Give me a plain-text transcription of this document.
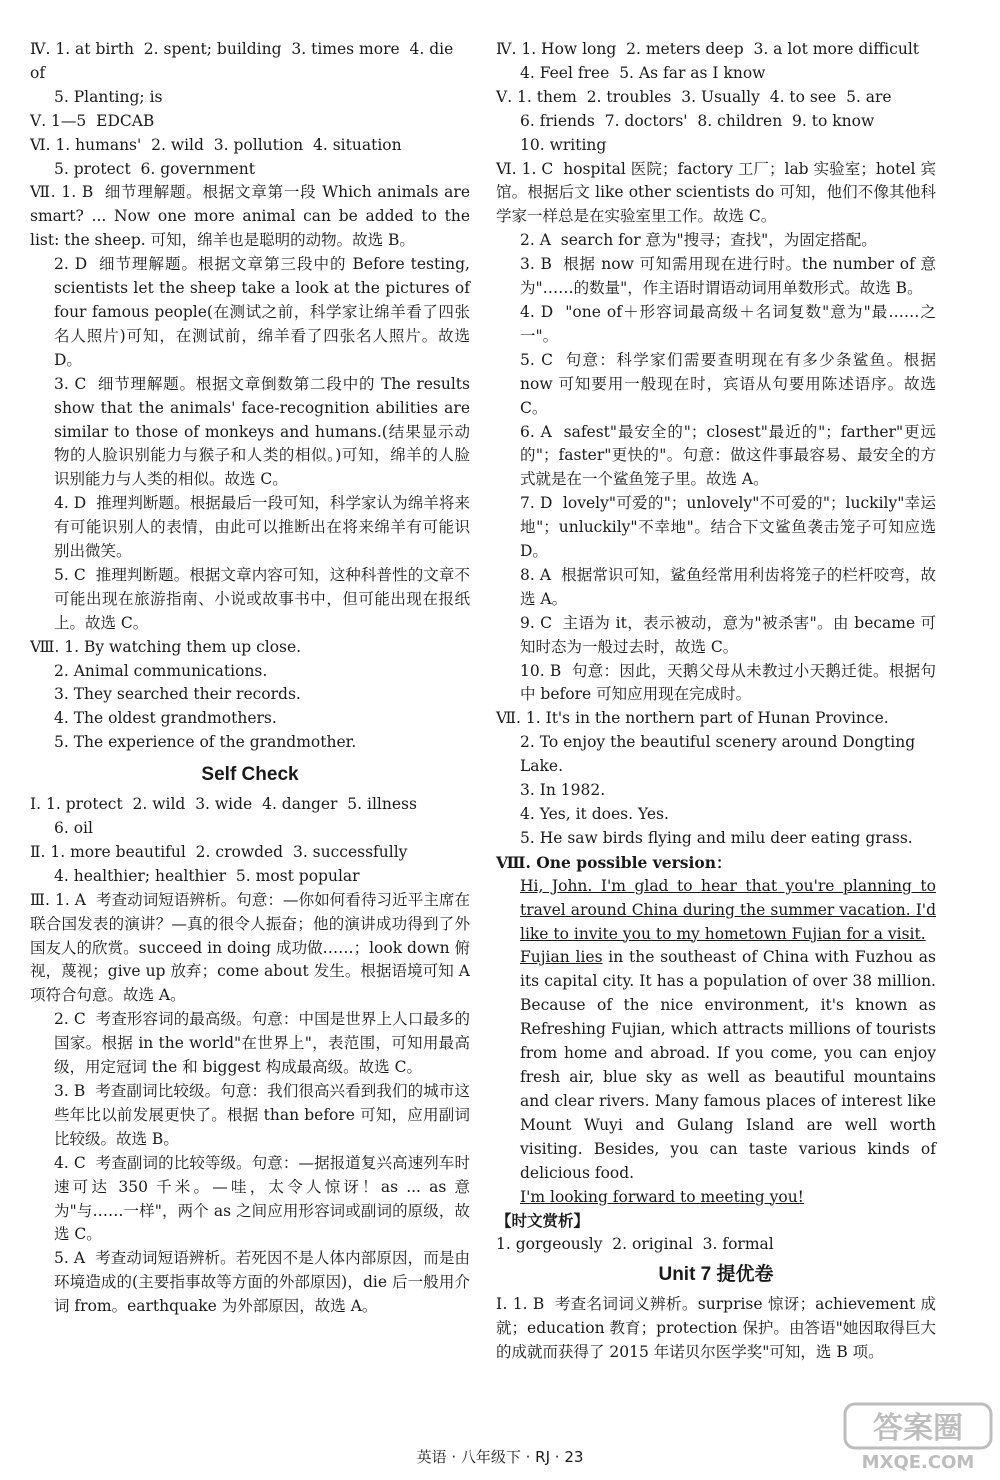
Ⅳ. 1. at birth  2. spent; building  3. times more  4. die of
5. Planting; is
Ⅴ. 1—5  EDCAB
Ⅵ. 1. humans'  2. wild  3. pollution  4. situation
5. protect  6. government
Ⅶ. 1. B  细节理解题。根据文章第一段 Which animals are smart? ... Now one more animal can be added to the list: the sheep. 可知，绵羊也是聪明的动物。故选 B。
2. D  细节理解题。根据文章第三段中的 Before testing, scientists let the sheep take a look at the pictures of four famous people(在测试之前，科学家让绵羊看了四张名人照片)可知，在测试前，绵羊看了四张名人照片。故选 D。
3. C  细节理解题。根据文章倒数第二段中的 The results show that the animals' face-recognition abilities are similar to those of monkeys and humans.(结果显示动物的人脸识别能力与猴子和人类的相似。)可知，绵羊的人脸识别能力与人类的相似。故选 C。
4. D  推理判断题。根据最后一段可知，科学家认为绵羊将来有可能识别人的表情，由此可以推断出在将来绵羊有可能识别出微笑。
5. C  推理判断题。根据文章内容可知，这种科普性的文章不可能出现在旅游指南、小说或故事书中，但可能出现在报纸上。故选 C。
Ⅷ. 1. By watching them up close.
2. Animal communications.
3. They searched their records.
4. The oldest grandmothers.
5. The experience of the grandmother.
Self Check
Ⅰ. 1. protect  2. wild  3. wide  4. danger  5. illness
6. oil
Ⅱ. 1. more beautiful  2. crowded  3. successfully
4. healthier; healthier  5. most popular
Ⅲ. 1. A  考查动词短语辨析。句意：—你如何看待习近平主席在联合国发表的演讲？—真的很令人振奋；他的演讲成功得到了外国友人的欣赏。succeed in doing 成功做……；look down 俯视，蔑视；give up 放弃；come about 发生。根据语境可知 A 项符合句意。故选 A。
2. C  考查形容词的最高级。句意：中国是世界上人口最多的国家。根据 in the world"在世界上"，表范围，可知用最高级，用定冠词 the 和 biggest 构成最高级。故选 C。
3. B  考查副词比较级。句意：我们很高兴看到我们的城市这些年比以前发展更快了。根据 than before 可知，应用副词比较级。故选 B。
4. C  考查副词的比较等级。句意：—据报道复兴高速列车时速可达 350 千米。—哇，太令人惊讶！as ... as 意为"与……一样"，两个 as 之间应用形容词或副词的原级，故选 C。
5. A  考查动词短语辨析。若死因不是人体内部原因，而是由环境造成的(主要指事故等方面的外部原因)，die 后一般用介词 from。earthquake 为外部原因，故选 A。
Ⅳ. 1. How long  2. meters deep  3. a lot more difficult
4. Feel free  5. As far as I know
Ⅴ. 1. them  2. troubles  3. Usually  4. to see  5. are
6. friends  7. doctors'  8. children  9. to know
10. writing
Ⅵ. 1. C  hospital 医院；factory 工厂；lab 实验室；hotel 宾馆。根据后文 like other scientists do 可知，他们不像其他科学家一样总是在实验室里工作。故选 C。
2. A  search for 意为"搜寻；查找"，为固定搭配。
3. B  根据 now 可知需用现在进行时。the number of 意为"……的数量"，作主语时谓语动词用单数形式。故选 B。
4. D  "one of＋形容词最高级＋名词复数"意为"最……之一"。
5. C  句意：科学家们需要查明现在有多少条鲨鱼。根据 now 可知要用一般现在时，宾语从句要用陈述语序。故选 C。
6. A  safest"最安全的"；closest"最近的"；farther"更远的"；faster"更快的"。句意：做这件事最容易、最安全的方式就是在一个鲨鱼笼子里。故选 A。
7. D  lovely"可爱的"；unlovely"不可爱的"；luckily"幸运地"；unluckily"不幸地"。结合下文鲨鱼袭击笼子可知应选 D。
8. A  根据常识可知，鲨鱼经常用利齿将笼子的栏杆咬弯，故选 A。
9. C  主语为 it，表示被动，意为"被杀害"。由 became 可知时态为一般过去时，故选 C。
10. B  句意：因此，天鹅父母从未教过小天鹅迁徙。根据句中 before 可知应用现在完成时。
Ⅶ. 1. It's in the northern part of Hunan Province.
2. To enjoy the beautiful scenery around Dongting Lake.
3. In 1982.
4. Yes, it does. Yes.
5. He saw birds flying and milu deer eating grass.
Ⅷ. One possible version：
Hi, John. I'm glad to hear that you're planning to travel around China during the summer vacation. I'd like to invite you to my hometown Fujian for a visit.
Fujian lies in the southeast of China with Fuzhou as its capital city. It has a population of over 38 million. Because of the nice environment, it's known as Refreshing Fujian, which attracts millions of tourists from home and abroad. If you come, you can enjoy fresh air, blue sky as well as beautiful mountains and clear rivers. Many famous places of interest like Mount Wuyi and Gulang Island are well worth visiting. Besides, you can taste various kinds of delicious food.
I'm looking forward to meeting you!
【时文赏析】
1. gorgeously  2. original  3. formal
Unit 7 提优卷
Ⅰ. 1. B  考查名词词义辨析。surprise 惊讶；achievement 成就；education 教育；protection 保护。由答语"她因取得巨大的成就而获得了 2015 年诺贝尔医学奖"可知，选 B 项。
英语 · 八年级下 · RJ · 23
答案圈
MXQE.COM
